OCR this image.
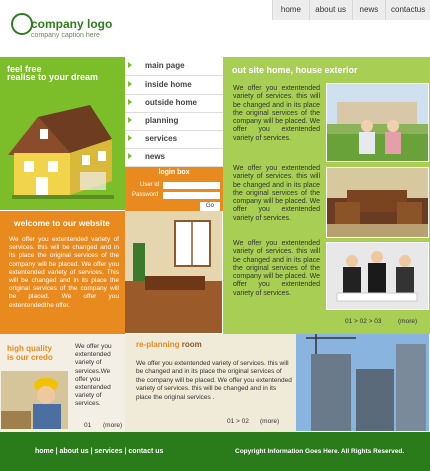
company logo
company caption here
home	about us	news	contactus
feel free
realise to your dream
main page
inside home
outside home
planning
services
news
login box
User id
Password
Go
out site home, house exterior
We offer you extentended variety of services. this will be changed and in its place the original services of the company will be placed. We offer you extentended variety of services.
We offer you extentended variety of services. this will be changed and in its place the original services of the company will be placed. We offer you extentended variety of services.
We offer you extentended variety of services. this will be changed and in its place the original services of the company will be placed. We offer you extentended variety of services.
01 > 02 > 03	(more)
welcome to our website
We offer you extentended variety of services. this will be changed and in its place the original services of the company will be placed. We offer you extentended variety of services. This will be changed and in its place the original services of the company will be placed. We offer you extentendedthe offer.
high quality
is our credo
We offer you extentended variety of services.We offer you extentended variety of services.
01 (more)
re-planning room
We offer you extentended variety of services. this will be changed and in its place the original services of the company will be placed. We offer you extentended variety of services. this will be changed and in its place the original services .
01 > 02 (more)
home | about us | services | contact us	Copyright Information Goes Here. All Rights Reserved.
